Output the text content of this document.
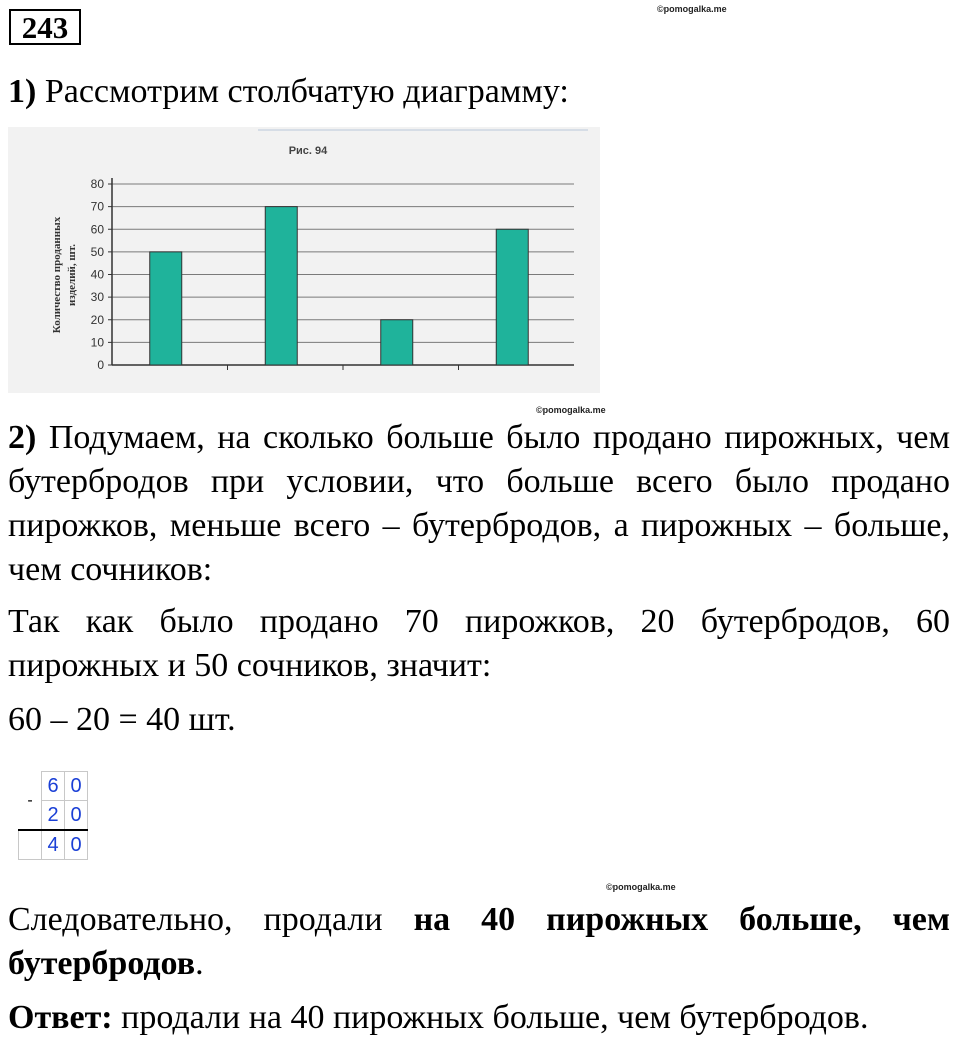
243
©pomogalka.me
1) Рассмотрим столбчатую диаграмму:
Рис. 94
0
10
20
30
40
50
60
70
80
Количество проданных изделий, шт.
©pomogalka.me
2) Подумаем, на сколько больше было продано пирожных, чем бутербродов при условии, что больше всего было продано пирожков, меньше всего – бутербродов, а пирожных – больше, чем сочников:
Так как было продано 70 пирожков, 20 бутербродов, 60 пирожных и 50 сочников, значит:
60 – 20 = 40 шт.
-	6	0
	2	0
	4	0
©pomogalka.me
Следовательно, продали на 40 пирожных больше, чем бутербродов.
Ответ: продали на 40 пирожных больше, чем бутербродов.
